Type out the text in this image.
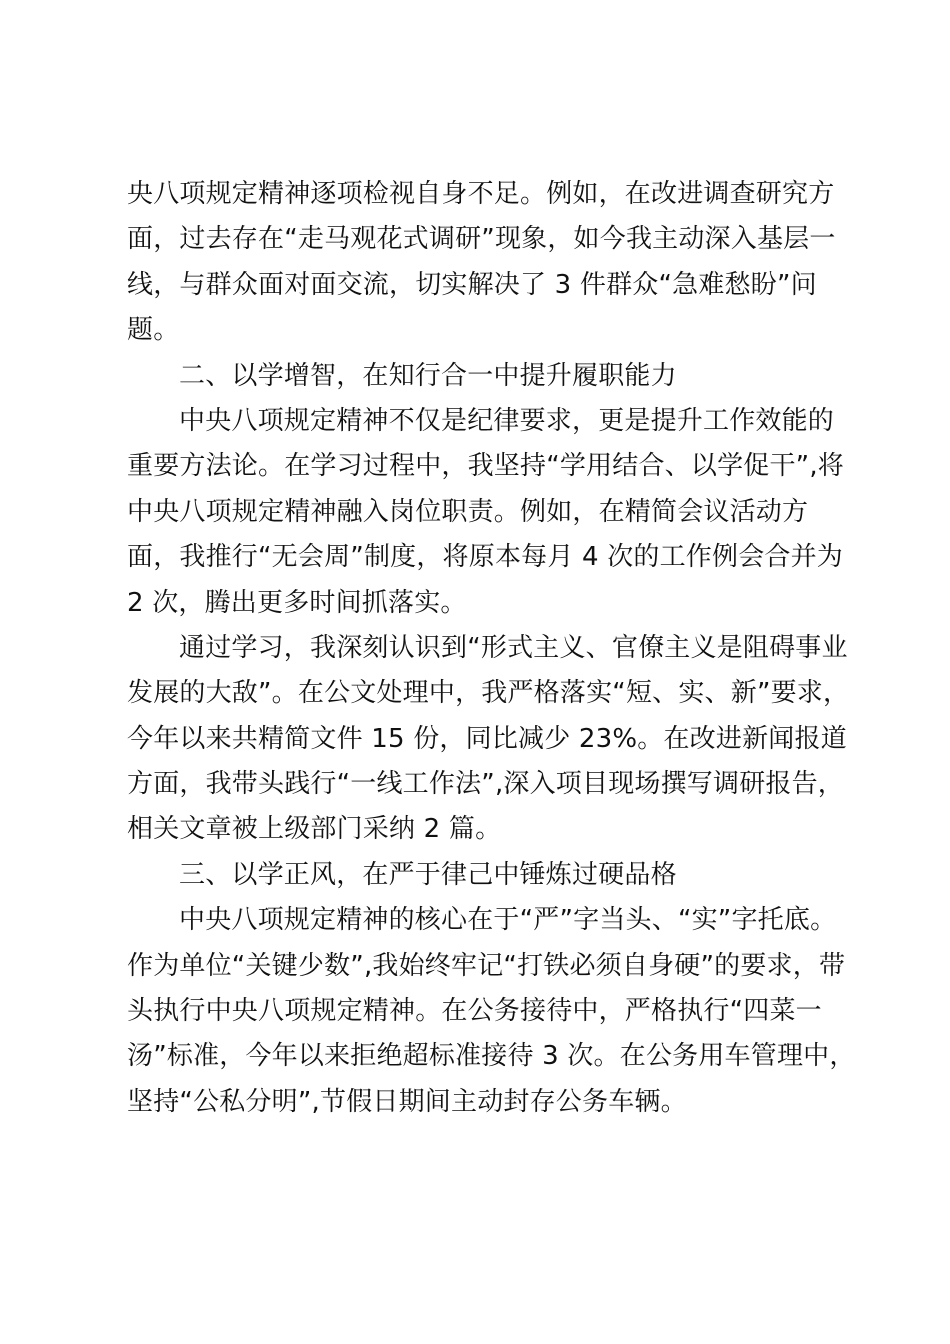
央八项规定精神逐项检视自身不足。例如，在改进调查研究方
面，过去存在“走马观花式调研”现象，如今我主动深入基层一
线，与群众面对面交流，切实解决了 3 件群众“急难愁盼”问
题。
二、以学增智，在知行合一中提升履职能力
中央八项规定精神不仅是纪律要求，更是提升工作效能的
重要方法论。在学习过程中，我坚持“学用结合、以学促干”,将
中央八项规定精神融入岗位职责。例如，在精简会议活动方
面，我推行“无会周”制度，将原本每月 4 次的工作例会合并为
2 次，腾出更多时间抓落实。
通过学习，我深刻认识到“形式主义、官僚主义是阻碍事业
发展的大敌”。在公文处理中，我严格落实“短、实、新”要求，
今年以来共精简文件 15 份，同比减少 23%。在改进新闻报道
方面，我带头践行“一线工作法”,深入项目现场撰写调研报告，
相关文章被上级部门采纳 2 篇。
三、以学正风，在严于律己中锤炼过硬品格
中央八项规定精神的核心在于“严”字当头、“实”字托底。
作为单位“关键少数”,我始终牢记“打铁必须自身硬”的要求，带
头执行中央八项规定精神。在公务接待中，严格执行“四菜一
汤”标准，今年以来拒绝超标准接待 3 次。在公务用车管理中，
坚持“公私分明”,节假日期间主动封存公务车辆。
